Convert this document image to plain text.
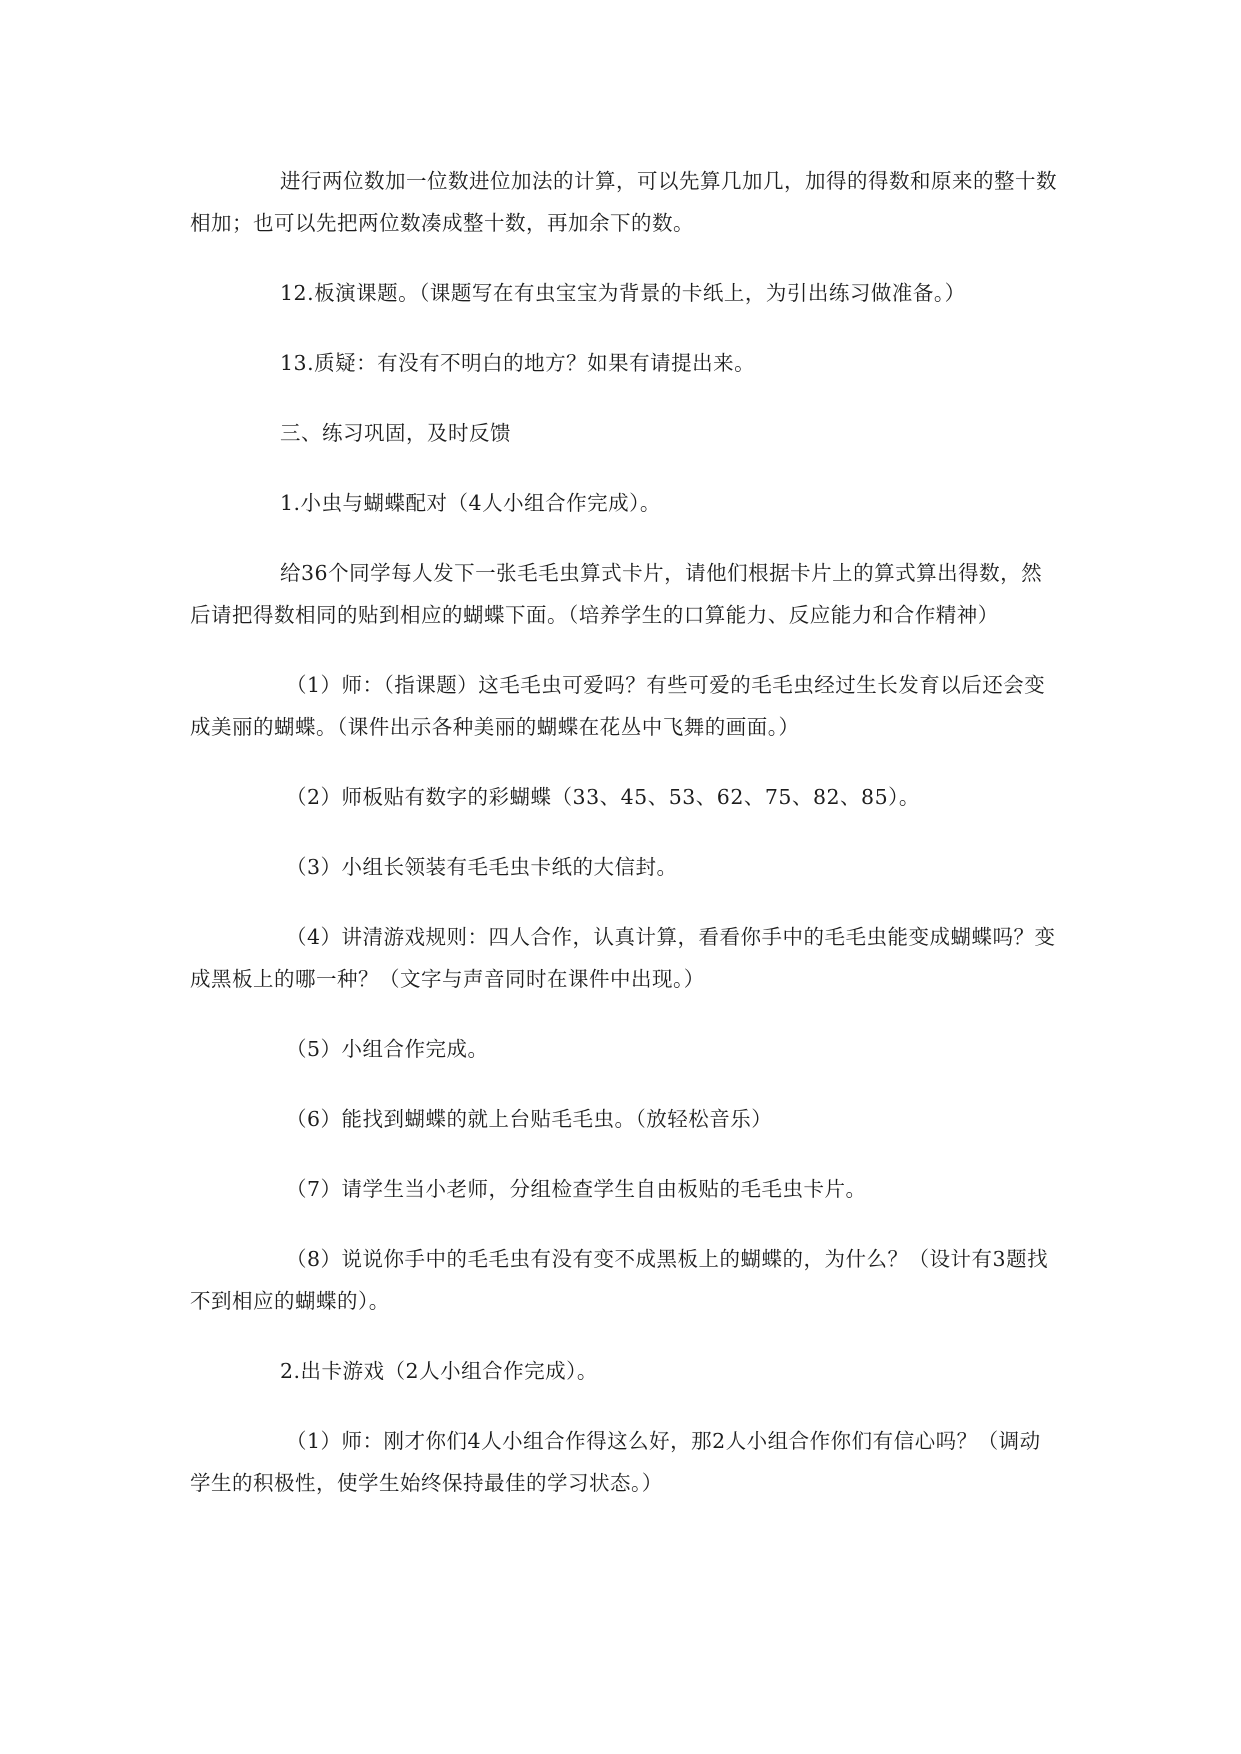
进行两位数加一位数进位加法的计算，可以先算几加几，加得的得数和原来的整十数相加；也可以先把两位数凑成整十数，再加余下的数。

12.板演课题。（课题写在有虫宝宝为背景的卡纸上，为引出练习做准备。）

13.质疑：有没有不明白的地方？如果有请提出来。

三、练习巩固，及时反馈

1.小虫与蝴蝶配对（4人小组合作完成）。

给36个同学每人发下一张毛毛虫算式卡片，请他们根据卡片上的算式算出得数，然后请把得数相同的贴到相应的蝴蝶下面。（培养学生的口算能力、反应能力和合作精神）

（1）师：（指课题）这毛毛虫可爱吗？有些可爱的毛毛虫经过生长发育以后还会变成美丽的蝴蝶。（课件出示各种美丽的蝴蝶在花丛中飞舞的画面。）

（2）师板贴有数字的彩蝴蝶（33、45、53、62、75、82、85）。

（3）小组长领装有毛毛虫卡纸的大信封。

（4）讲清游戏规则：四人合作，认真计算，看看你手中的毛毛虫能变成蝴蝶吗？变成黑板上的哪一种？（文字与声音同时在课件中出现。）

（5）小组合作完成。

（6）能找到蝴蝶的就上台贴毛毛虫。（放轻松音乐）

（7）请学生当小老师，分组检查学生自由板贴的毛毛虫卡片。

（8）说说你手中的毛毛虫有没有变不成黑板上的蝴蝶的，为什么？（设计有3题找不到相应的蝴蝶的）。

2.出卡游戏（2人小组合作完成）。

（1）师：刚才你们4人小组合作得这么好，那2人小组合作你们有信心吗？（调动学生的积极性，使学生始终保持最佳的学习状态。）
